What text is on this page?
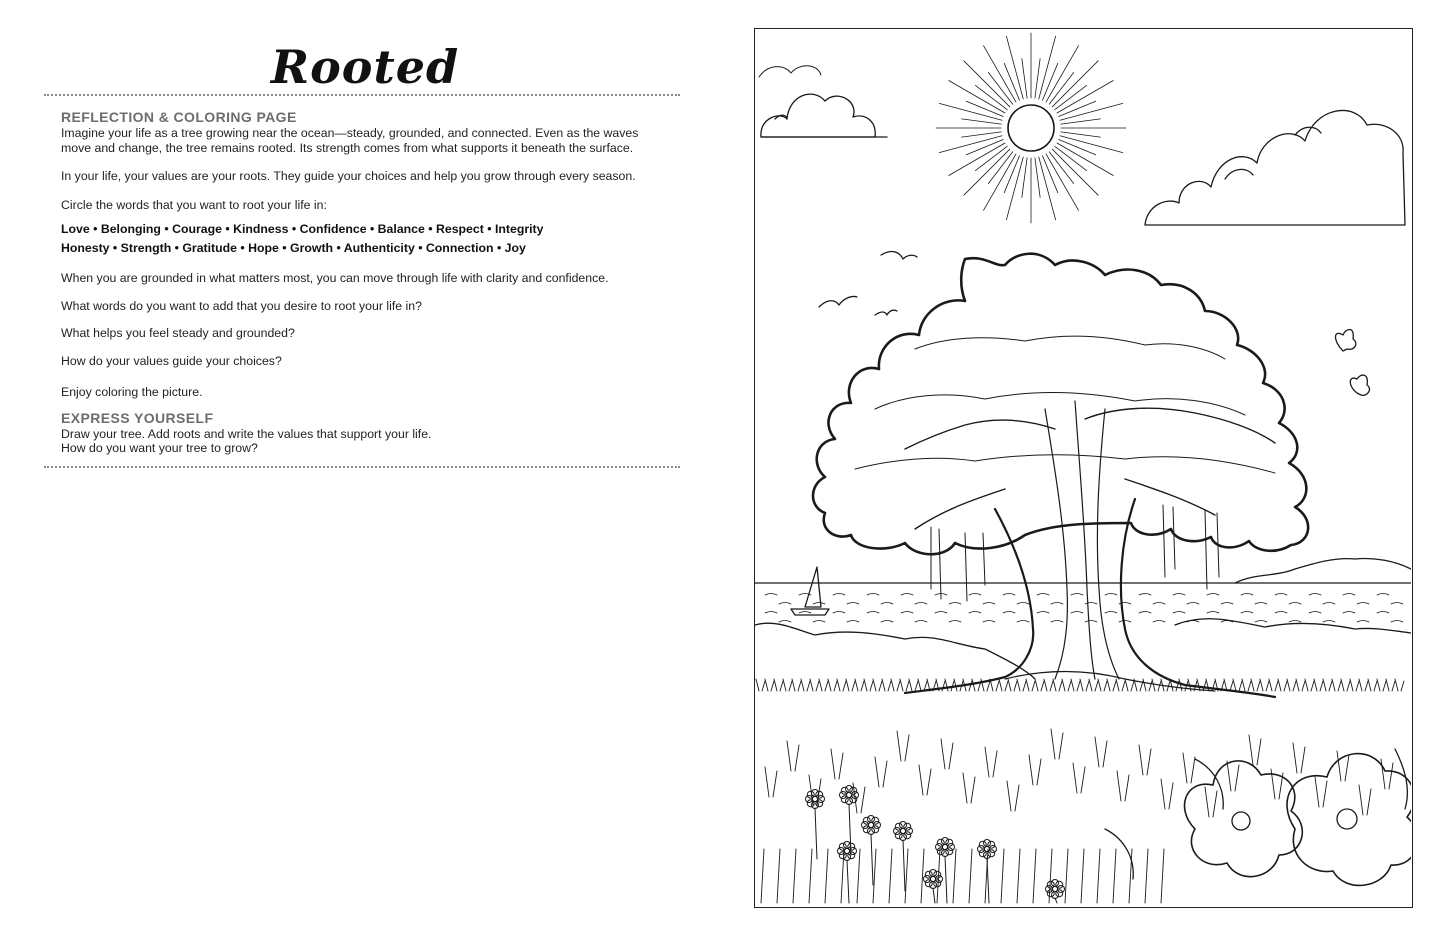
Rooted
REFLECTION & COLORING PAGE

Imagine your life as a tree growing near the ocean—steady, grounded, and connected. Even as the waves

move and change, the tree remains rooted. Its strength comes from what supports it beneath the surface.

In your life, your values are your roots. They guide your choices and help you grow through every season.

Circle the words that you want to root your life in:

Love • Belonging • Courage • Kindness • Confidence • Balance • Respect • Integrity
Honesty • Strength • Gratitude • Hope • Growth • Authenticity • Connection • Joy

When you are grounded in what matters most, you can move through life with clarity and confidence.

What words do you want to add that you desire to root your life in?

What helps you feel steady and grounded?

How do your values guide your choices?

Enjoy coloring the picture.

EXPRESS YOURSELF

Draw your tree. Add roots and write the values that support your life.

How do you want your tree to grow?
